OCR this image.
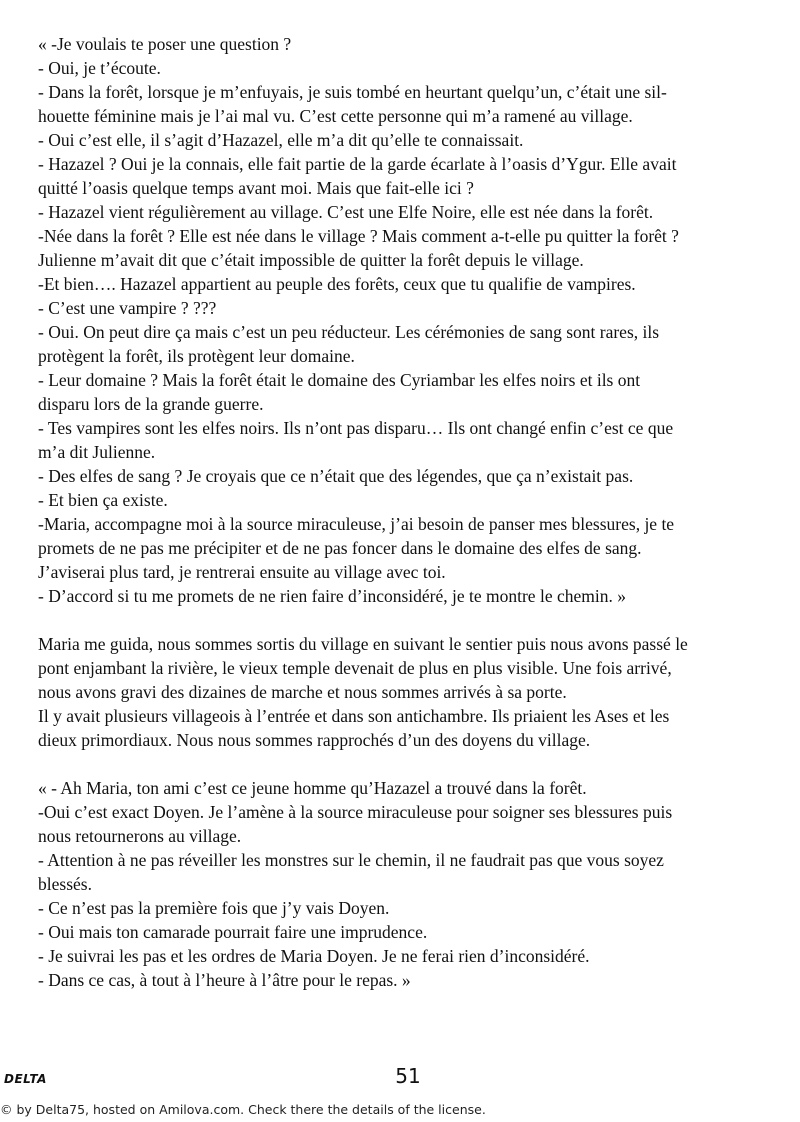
« -Je voulais te poser une question ?
- Oui, je t’écoute.
- Dans la forêt, lorsque je m’enfuyais, je suis tombé en heurtant quelqu’un, c’était une sil-
houette féminine mais je l’ai mal vu. C’est cette personne qui m’a ramené au village.
- Oui c’est elle, il s’agit d’Hazazel, elle m’a dit qu’elle te connaissait.
- Hazazel ? Oui je la connais, elle fait partie de la garde écarlate à l’oasis d’Ygur. Elle avait
quitté l’oasis quelque temps avant moi. Mais que fait-elle ici ?
- Hazazel vient régulièrement au village. C’est une Elfe Noire, elle est née dans la forêt.
-Née dans la forêt ? Elle est née dans le village ? Mais comment a-t-elle pu quitter la forêt ?
Julienne m’avait dit que c’était impossible de quitter la forêt depuis le village.
-Et bien…. Hazazel appartient au peuple des forêts, ceux que tu qualifie de vampires.
- C’est une vampire ? ???
- Oui. On peut dire ça mais c’est un peu réducteur. Les cérémonies de sang sont rares, ils
protègent la forêt, ils protègent leur domaine.
- Leur domaine ? Mais la forêt était le domaine des Cyriambar les elfes noirs et ils ont
disparu lors de la grande guerre.
- Tes vampires sont les elfes noirs. Ils n’ont pas disparu… Ils ont changé enfin c’est ce que
m’a dit Julienne.
- Des elfes de sang ? Je croyais que ce n’était que des légendes, que ça n’existait pas.
- Et bien ça existe.
-Maria, accompagne moi à la source miraculeuse, j’ai besoin de panser mes blessures, je te
promets de ne pas me précipiter et de ne pas foncer dans le domaine des elfes de sang.
J’aviserai plus tard, je rentrerai ensuite au village avec toi.
- D’accord si tu me promets de ne rien faire d’inconsidéré, je te montre le chemin. »
Maria me guida, nous sommes sortis du village en suivant le sentier puis nous avons passé le
pont enjambant la rivière, le vieux temple devenait de plus en plus visible. Une fois arrivé,
nous avons gravi des dizaines de marche et nous sommes arrivés à sa porte.
Il y avait plusieurs villageois à l’entrée et dans son antichambre. Ils priaient les Ases et les
dieux primordiaux. Nous nous sommes rapprochés d’un des doyens du village.
« - Ah Maria, ton ami c’est ce jeune homme qu’Hazazel a trouvé dans la forêt.
-Oui c’est exact Doyen. Je l’amène à la source miraculeuse pour soigner ses blessures puis
nous retournerons au village.
- Attention à ne pas réveiller les monstres sur le chemin, il ne faudrait pas que vous soyez
blessés.
- Ce n’est pas la première fois que j’y vais Doyen.
- Oui mais ton camarade pourrait faire une imprudence.
- Je suivrai les pas et les ordres de Maria Doyen. Je ne ferai rien d’inconsidéré.
- Dans ce cas, à tout à l’heure à l’âtre pour le repas. »
DELTA	51
© by Delta75, hosted on Amilova.com. Check there the details of the license.
